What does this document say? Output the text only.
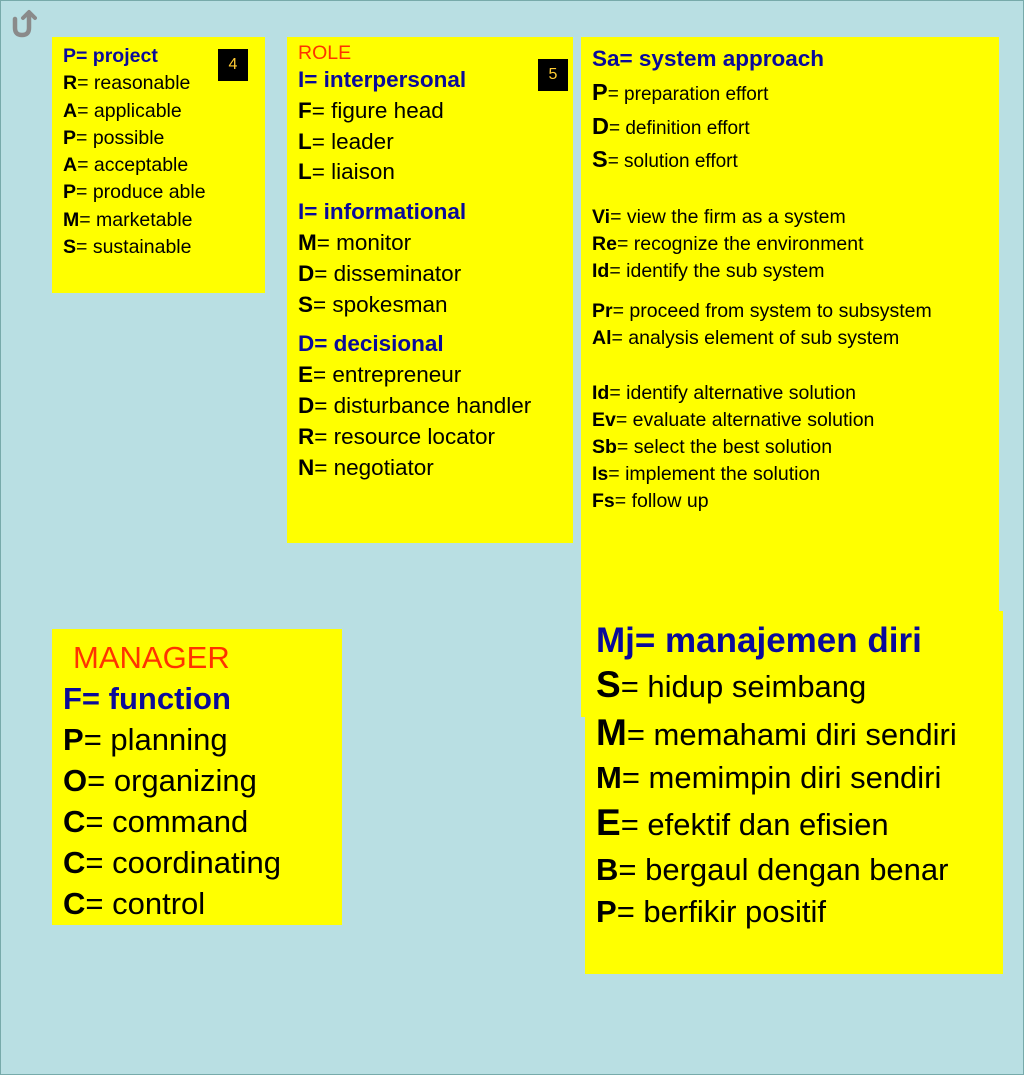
P= project
R= reasonable
A= applicable
P= possible
A= acceptable
P= produce able
M= marketable
S= sustainable
4
ROLE
I= interpersonal
F= figure head
L= leader
L= liaison
I= informational
M= monitor
D= disseminator
S= spokesman
D= decisional
E= entrepreneur
D= disturbance handler
R= resource locator
N= negotiator
5
Sa= system approach
P= preparation effort
D= definition effort
S= solution effort
Vi= view the firm as a system
Re= recognize the environment
Id= identify the sub system
Pr= proceed from system to subsystem
Al= analysis element of sub system
Id= identify alternative solution
Ev= evaluate alternative solution
Sb= select the best solution
Is= implement the solution
Fs= follow up
MANAGER
F= function
P= planning
O= organizing
C= command
C= coordinating
C= control
Mj= manajemen diri
S= hidup seimbang
M= memahami diri sendiri
M= memimpin diri sendiri
E= efektif dan efisien
B= bergaul dengan benar
P= berfikir positif
